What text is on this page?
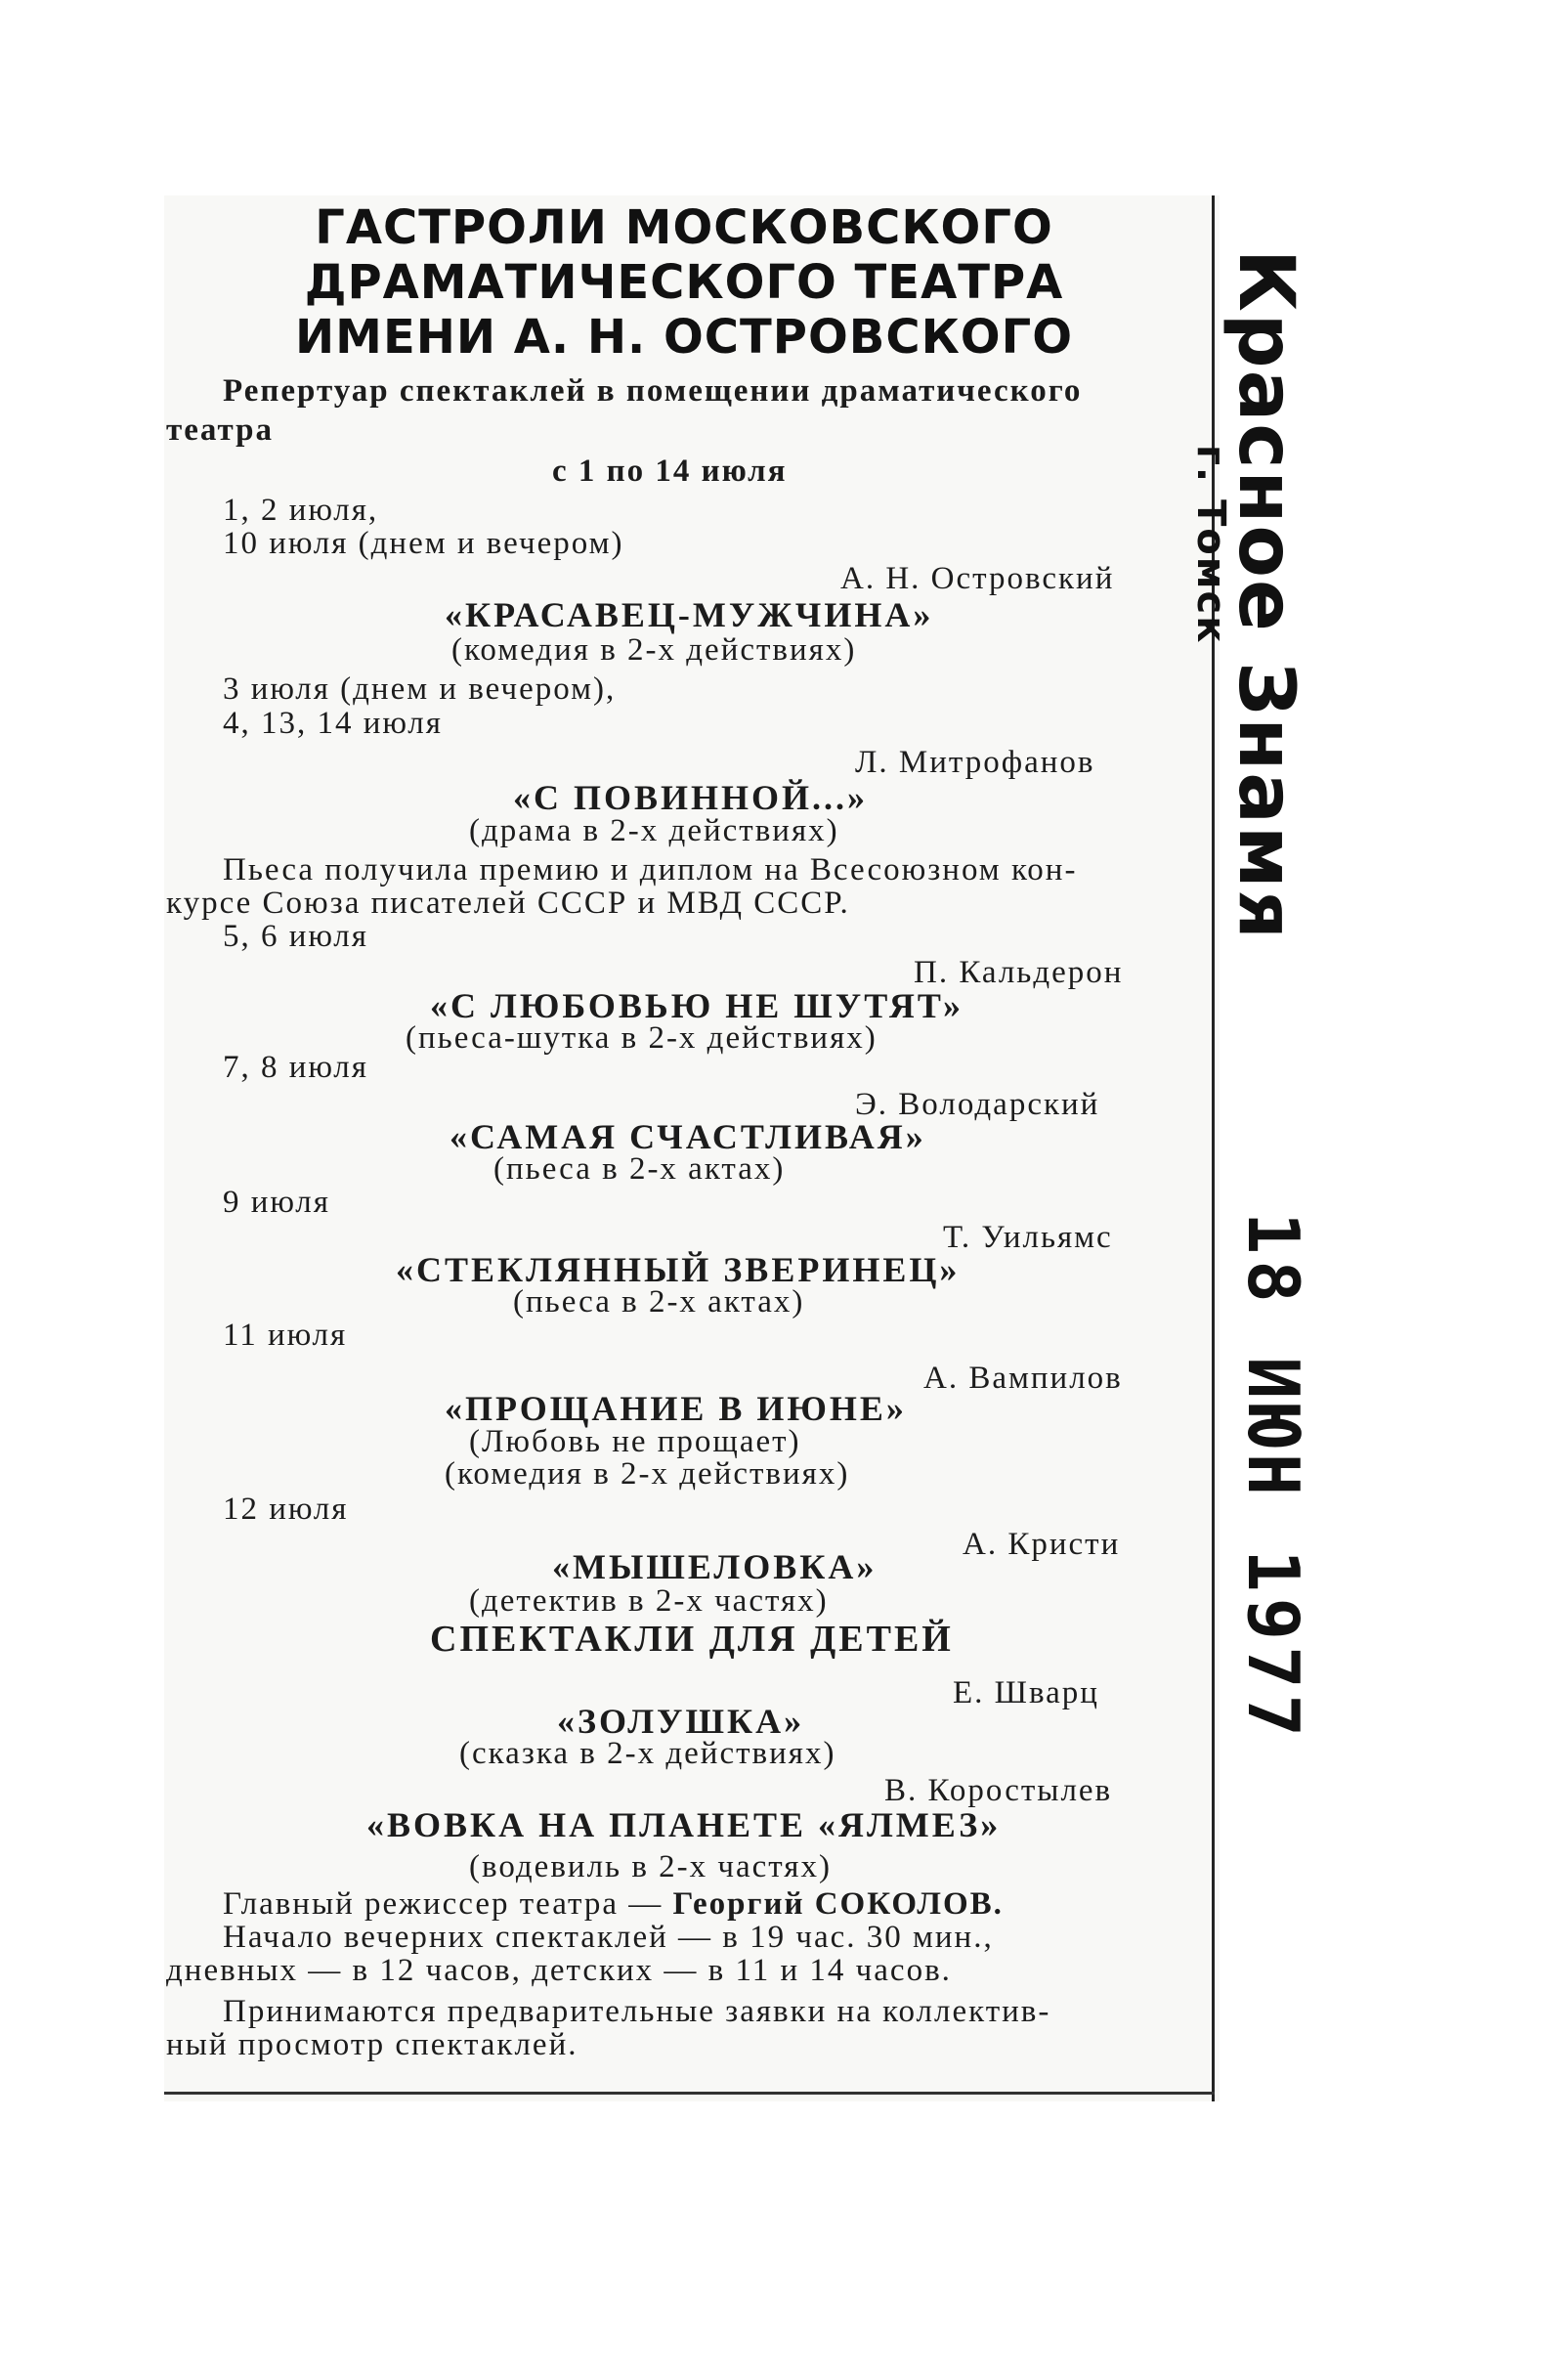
ГАСТРОЛИ МОСКОВСКОГО
ДРАМАТИЧЕСКОГО ТЕАТРА
ИМЕНИ А. Н. ОСТРОВСКОГО
Репертуар спектаклей в помещении драматического
театра
с 1 по 14 июля
1, 2 июля,
10 июля (днем и вечером)
А. Н. Островский
«КРАСАВЕЦ-МУЖЧИНА»
(комедия в 2-х действиях)
3 июля (днем и вечером),
4, 13, 14 июля
Л. Митрофанов
«С ПОВИННОЙ...»
(драма в 2-х действиях)
Пьеса получила премию и диплом на Всесоюзном кон-
курсе Союза писателей СССР и МВД СССР.
5, 6 июля
П. Кальдерон
«С ЛЮБОВЬЮ НЕ ШУТЯТ»
(пьеса-шутка в 2-х действиях)
7, 8 июля
Э. Володарский
«САМАЯ СЧАСТЛИВАЯ»
(пьеса в 2-х актах)
9 июля
Т. Уильямс
«СТЕКЛЯННЫЙ ЗВЕРИНЕЦ»
(пьеса в 2-х актах)
11 июля
А. Вампилов
«ПРОЩАНИЕ В ИЮНЕ»
(Любовь не прощает)
(комедия в 2-х действиях)
12 июля
А. Кристи
«МЫШЕЛОВКА»
(детектив в 2-х частях)
СПЕКТАКЛИ ДЛЯ ДЕТЕЙ
Е. Шварц
«ЗОЛУШКА»
(сказка в 2-х действиях)
В. Коростылев
«ВОВКА НА ПЛАНЕТЕ «ЯЛМЕЗ»
(водевиль в 2-х частях)
Главный режиссер театра — Георгий СОКОЛОВ.
Начало вечерних спектаклей — в 19 час. 30 мин.,
дневных — в 12 часов, детских — в 11 и 14 часов.
Принимаются предварительные заявки на коллектив-
ный просмотр спектаклей.
Красное Знамя
г. Томск
18 ИЮН 1977
